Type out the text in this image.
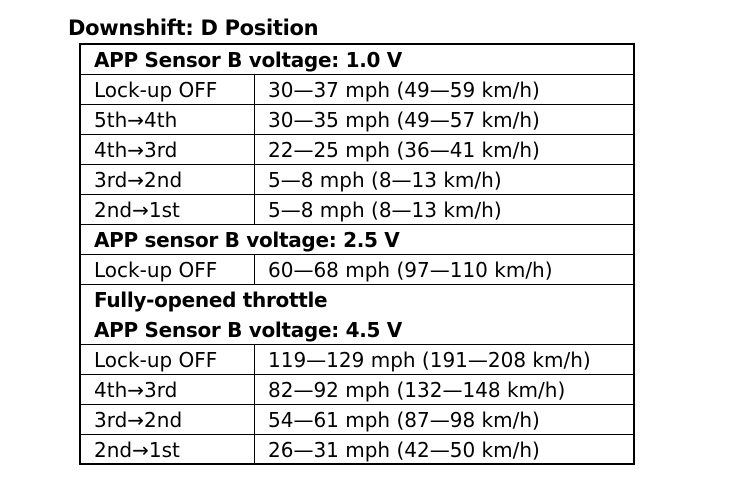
Downshift: D Position
APP Sensor B voltage: 1.0 V
Lock-up OFF	30—37 mph (49—59 km/h)
5th→4th	30—35 mph (49—57 km/h)
4th→3rd	22—25 mph (36—41 km/h)
3rd→2nd	5—8 mph (8—13 km/h)
2nd→1st	5—8 mph (8—13 km/h)
APP sensor B voltage: 2.5 V
Lock-up OFF	60—68 mph (97—110 km/h)
Fully-opened throttle
APP Sensor B voltage: 4.5 V
Lock-up OFF	119—129 mph (191—208 km/h)
4th→3rd	82—92 mph (132—148 km/h)
3rd→2nd	54—61 mph (87—98 km/h)
2nd→1st	26—31 mph (42—50 km/h)
